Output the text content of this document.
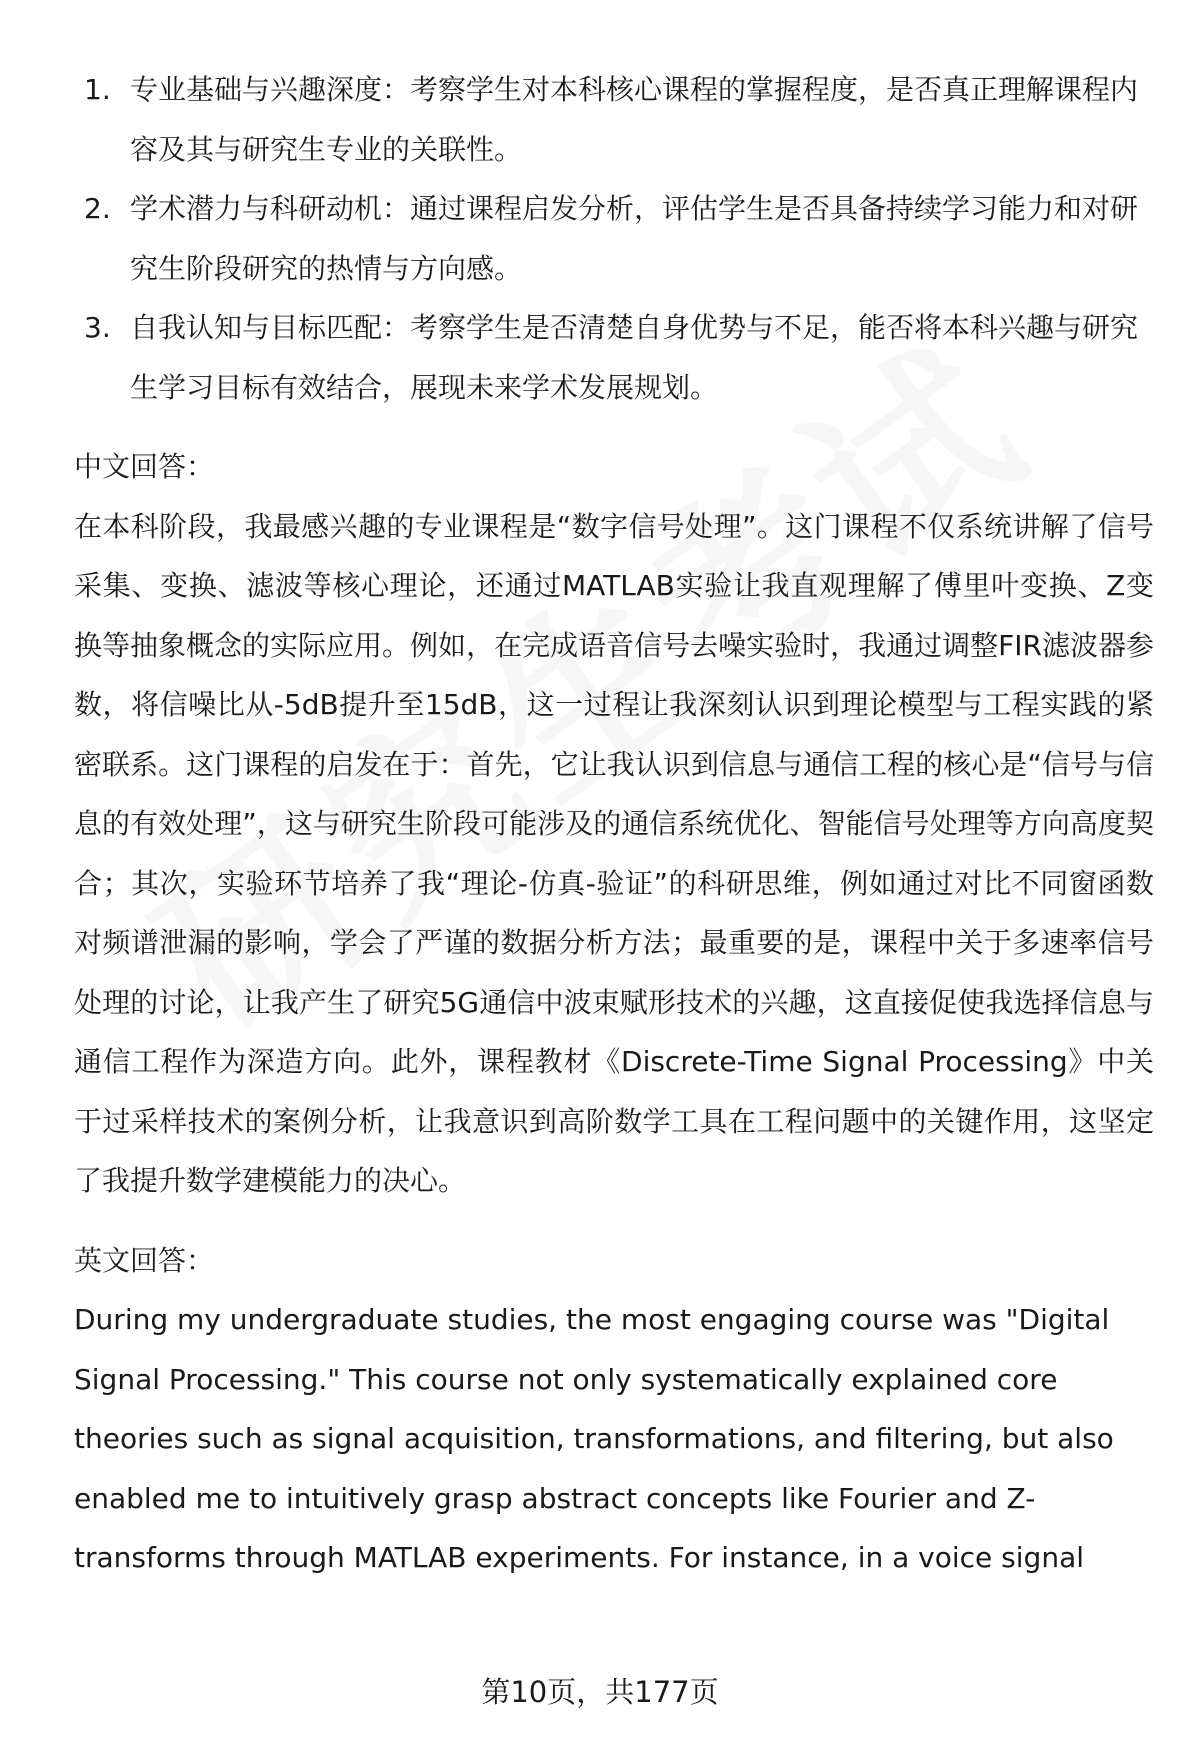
1. 专业基础与兴趣深度：考察学生对本科核心课程的掌握程度，是否真正理解课程内容及其与研究生专业的关联性。
2. 学术潜力与科研动机：通过课程启发分析，评估学生是否具备持续学习能力和对研究生阶段研究的热情与方向感。
3. 自我认知与目标匹配：考察学生是否清楚自身优势与不足，能否将本科兴趣与研究生学习目标有效结合，展现未来学术发展规划。
中文回答：

在本科阶段，我最感兴趣的专业课程是“数字信号处理”。这门课程不仅系统讲解了信号采集、变换、滤波等核心理论，还通过MATLAB实验让我直观理解了傅里叶变换、Z变换等抽象概念的实际应用。例如，在完成语音信号去噪实验时，我通过调整FIR滤波器参数，将信噪比从-5dB提升至15dB，这一过程让我深刻认识到理论模型与工程实践的紧密联系。这门课程的启发在于：首先，它让我认识到信息与通信工程的核心是“信号与信息的有效处理”，这与研究生阶段可能涉及的通信系统优化、智能信号处理等方向高度契合；其次，实验环节培养了我“理论-仿真-验证”的科研思维，例如通过对比不同窗函数对频谱泄漏的影响，学会了严谨的数据分析方法；最重要的是，课程中关于多速率信号处理的讨论，让我产生了研究5G通信中波束赋形技术的兴趣，这直接促使我选择信息与通信工程作为深造方向。此外，课程教材《Discrete-Time Signal Processing》中关于过采样技术的案例分析，让我意识到高阶数学工具在工程问题中的关键作用，这坚定了我提升数学建模能力的决心。

英文回答：

During my undergraduate studies, the most engaging course was "Digital Signal Processing." This course not only systematically explained core theories such as signal acquisition, transformations, and filtering, but also enabled me to intuitively grasp abstract concepts like Fourier and Z-transforms through MATLAB experiments. For instance, in a voice signal

第10页，共177页
